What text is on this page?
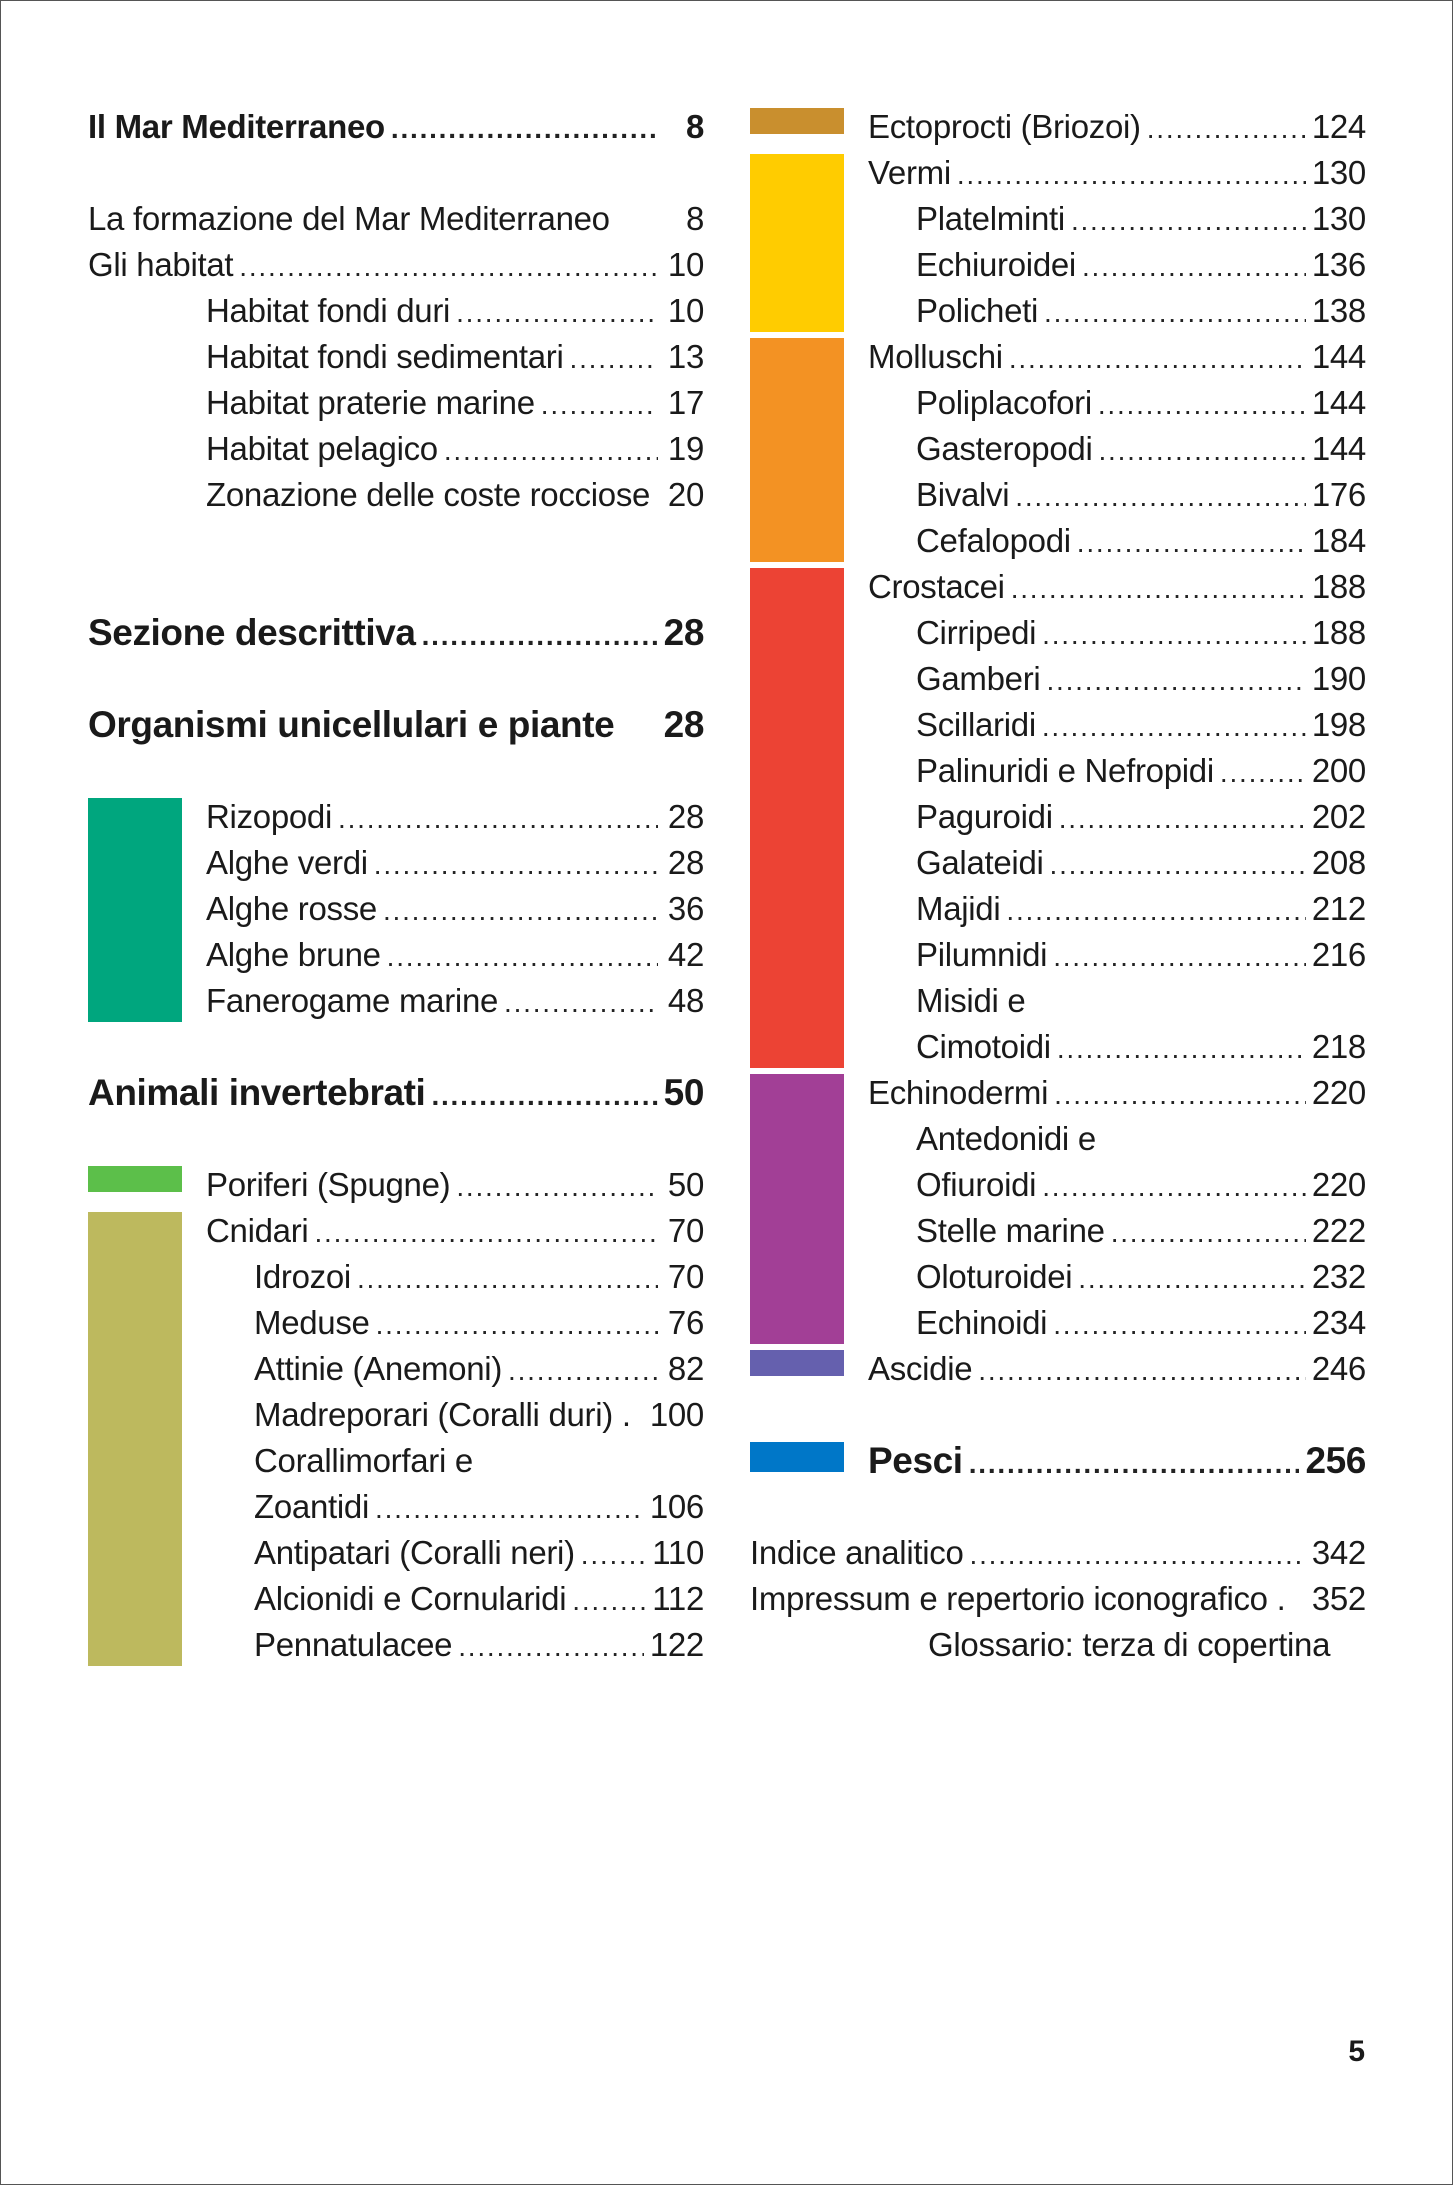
Il Mar Mediterraneo . . .	8
La formazione del Mar Mediterraneo	8
Gli habitat . . .	10
Habitat fondi duri . . .	10
Habitat fondi sedimentari . . .	13
Habitat praterie marine . . .	17
Habitat pelagico . . .	19
Zonazione delle coste rocciose 20
Sezione descrittiva . . .	28
Organismi unicellulari e piante 28
Rizopodi . . .	28
Alghe verdi . . .	28
Alghe rosse . . .	36
Alghe brune . . .	42
Fanerogame marine . . .	48
Animali invertebrati . . .	50
Poriferi (Spugne) . . .	50
Cnidari . . .	70
Idrozoi . . .	70
Meduse . . .	76
Attinie (Anemoni) . . .	82
Madreporari (Coralli duri) . 100
Corallimorfari e
Zoantidi . . .	106
Antipatari (Coralli neri) . . . 110
Alcionidi e Cornularidi . . .	112
Pennatulacee . . .	122
Ectoprocti (Briozoi) . . .	124
Vermi . . .	130
Platelminti . . .	130
Echiuroidei . . .	136
Policheti . . .	138
Molluschi . . .	144
Poliplacofori . . .	144
Gasteropodi . . .	144
Bivalvi . . .	176
Cefalopodi . . .	184
Crostacei . . .	188
Cirripedi . . .	188
Gamberi . . .	190
Scillaridi . . .	198
Palinuridi e Nefropidi . . .	200
Paguroidi . . .	202
Galateidi . . .	208
Majidi . . .	212
Pilumnidi . . .	216
Misidi e
Cimotoidi . . .	218
Echinodermi . . .	220
Antedonidi e
Ofiuroidi . . .	220
Stelle marine . . .	222
Oloturoidei . . .	232
Echinoidi . . .	234
Ascidie . . .	246
Pesci . . .	256
Indice analitico . . .	342
Impressum e repertorio iconografico . 352
Glossario: terza di copertina
5
